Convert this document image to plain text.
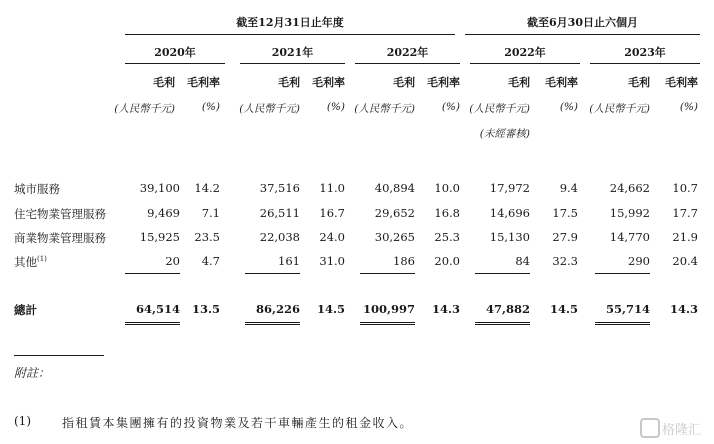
截至12月31日止年度	截至6月30日止六個月
2020年	2021年	2022年	2022年	2023年
毛利	毛利率	毛利	毛利率	毛利	毛利率	毛利	毛利率	毛利	毛利率
(人民幣千元)	(%)	(人民幣千元)	(%) (人民幣千元)	(%) (人民幣千元)	(%)	(人民幣千元)	(%)
(未經審核)
城市服務	39,100	14.2	37,516	11.0	40,894	10.0	17,972	9.4	24,662	10.7
住宅物業管理服務	9,469	7.1	26,511	16.7	29,652	16.8	14,696	17.5	15,992	17.7
商業物業管理服務	15,925	23.5	22,038	24.0	30,265	25.3	15,130	27.9	14,770	21.9
其他$^{(1)}$	20	4.7	161	31.0	186	20.0	84	32.3	290	20.4
總計	64,514	13.5	86,226	14.5	100,997	14.3	47,882	14.5	55,714	14.3
附註：
(1)	指租賃本集團擁有的投資物業及若干車輛產生的租金收入。	格隆汇
